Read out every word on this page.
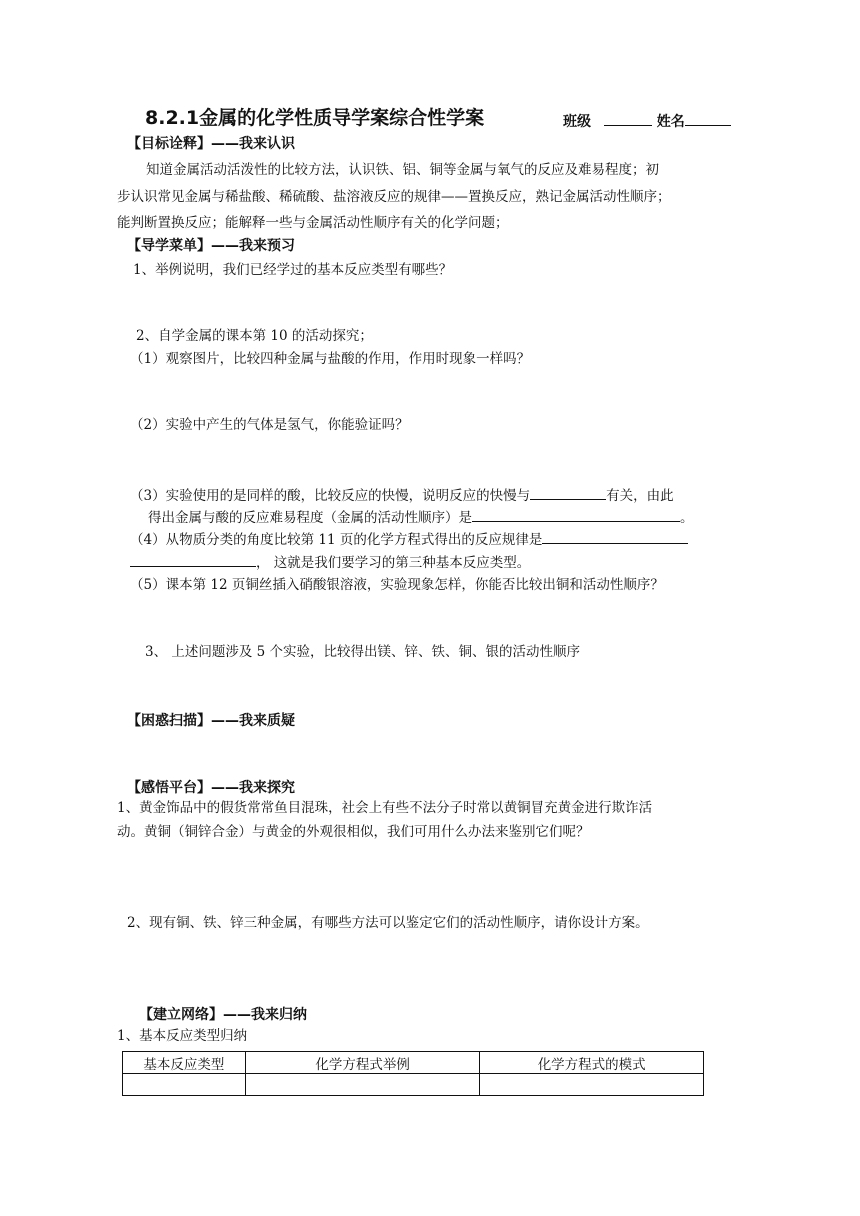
8.2.1金属的化学性质导学案综合性学案	班级	姓名
【目标诠释】——我来认识
知道金属活动活泼性的比较方法，认识铁、铝、铜等金属与氧气的反应及难易程度；初
步认识常见金属与稀盐酸、稀硫酸、盐溶液反应的规律——置换反应，熟记金属活动性顺序；
能判断置换反应；能解释一些与金属活动性顺序有关的化学问题；
【导学菜单】——我来预习
1、举例说明，我们已经学过的基本反应类型有哪些？
2、自学金属的课本第 10 的活动探究；
（1）观察图片，比较四种金属与盐酸的作用，作用时现象一样吗？
（2）实验中产生的气体是氢气，你能验证吗？
（3）实验使用的是同样的酸，比较反应的快慢，说明反应的快慢与	有关，由此
得出金属与酸的反应难易程度（金属的活动性顺序）是	。
（4）从物质分类的角度比较第 11 页的化学方程式得出的反应规律是
， 这就是我们要学习的第三种基本反应类型。
（5）课本第 12 页铜丝插入硝酸银溶液，实验现象怎样，你能否比较出铜和活动性顺序？
3、 上述问题涉及 5 个实验，比较得出镁、锌、铁、铜、银的活动性顺序
【困惑扫描】——我来质疑
【感悟平台】——我来探究
1、黄金饰品中的假货常常鱼目混珠，社会上有些不法分子时常以黄铜冒充黄金进行欺诈活
动。黄铜（铜锌合金）与黄金的外观很相似，我们可用什么办法来鉴别它们呢？
2、现有铜、铁、锌三种金属，有哪些方法可以鉴定它们的活动性顺序，请你设计方案。
【建立网络】——我来归纳
1、基本反应类型归纳
基本反应类型	化学方程式举例	化学方程式的模式
